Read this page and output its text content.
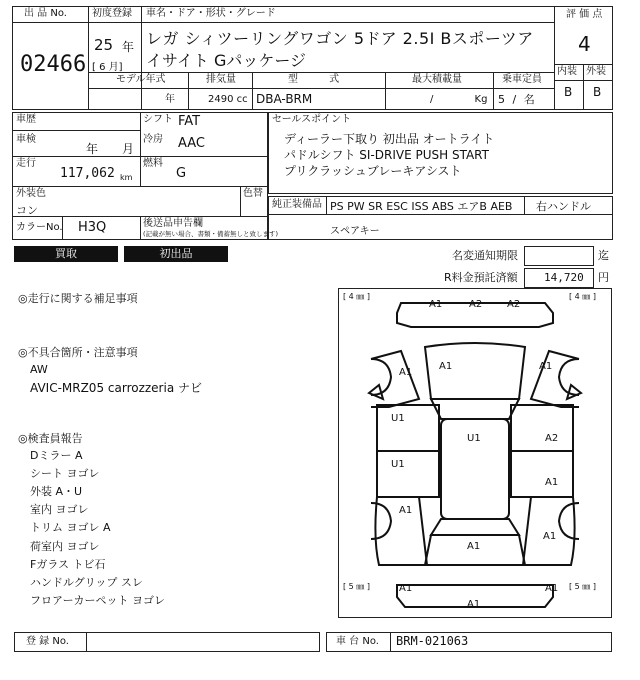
出 品 No.
02466
初度登録
25 年
[ 6 月]
車名・ドア・形状・グレード
レガ シィツーリングワゴン 5ドア 2.5I Bスポーツア
イサイト Gパッケージ
評 価 点
4
内装 外装
B B
モデル年式
年
排気量
2490 cc
型 式
DBA-BRM
最大積載量
/ Kg
乗車定員
5 / 名
車歴	シフト FAT
車検
年 月
冷房 AAC
走行
117,062 km
燃料
G
外装色
コン
色替
カラーNo. H3Q	後送品申告欄
(記載が無い場合、書類・備蓄無しと致します)
セールスポイント
ディーラー下取り 初出品 オートライト
パドルシフト SI-DRIVE PUSH START
プリクラッシュブレーキアシスト
純正装備品 PS PW SR ESC ISS ABS エアB AEB 右ハンドル
スペアキー
買取	初出品	名変通知期限	迄
R料金預託済額 14,720 円
◎走行に関する補足事項
◎不具合箇所・注意事項
AW
AVIC-MRZ05 carrozzeria ナビ
◎検査員報告
Dミラー A
シート ヨゴレ
外装 A・U
室内 ヨゴレ
トリム ヨゴレ A
荷室内 ヨゴレ
Fガラス トビ石
ハンドルグリップ スレ
フロアーカーペット ヨゴレ
[ 4 ㎜ ]	[ 4 ㎜ ]
[ 5 ㎜ ]	[ 5 ㎜ ]
A1	A2 A2
A1
A1
A1
U1
U1	A2
U1
A1
A1
A1
A1
A1	A1
A1
登 録 No.	車 台 No. BRM-021063
